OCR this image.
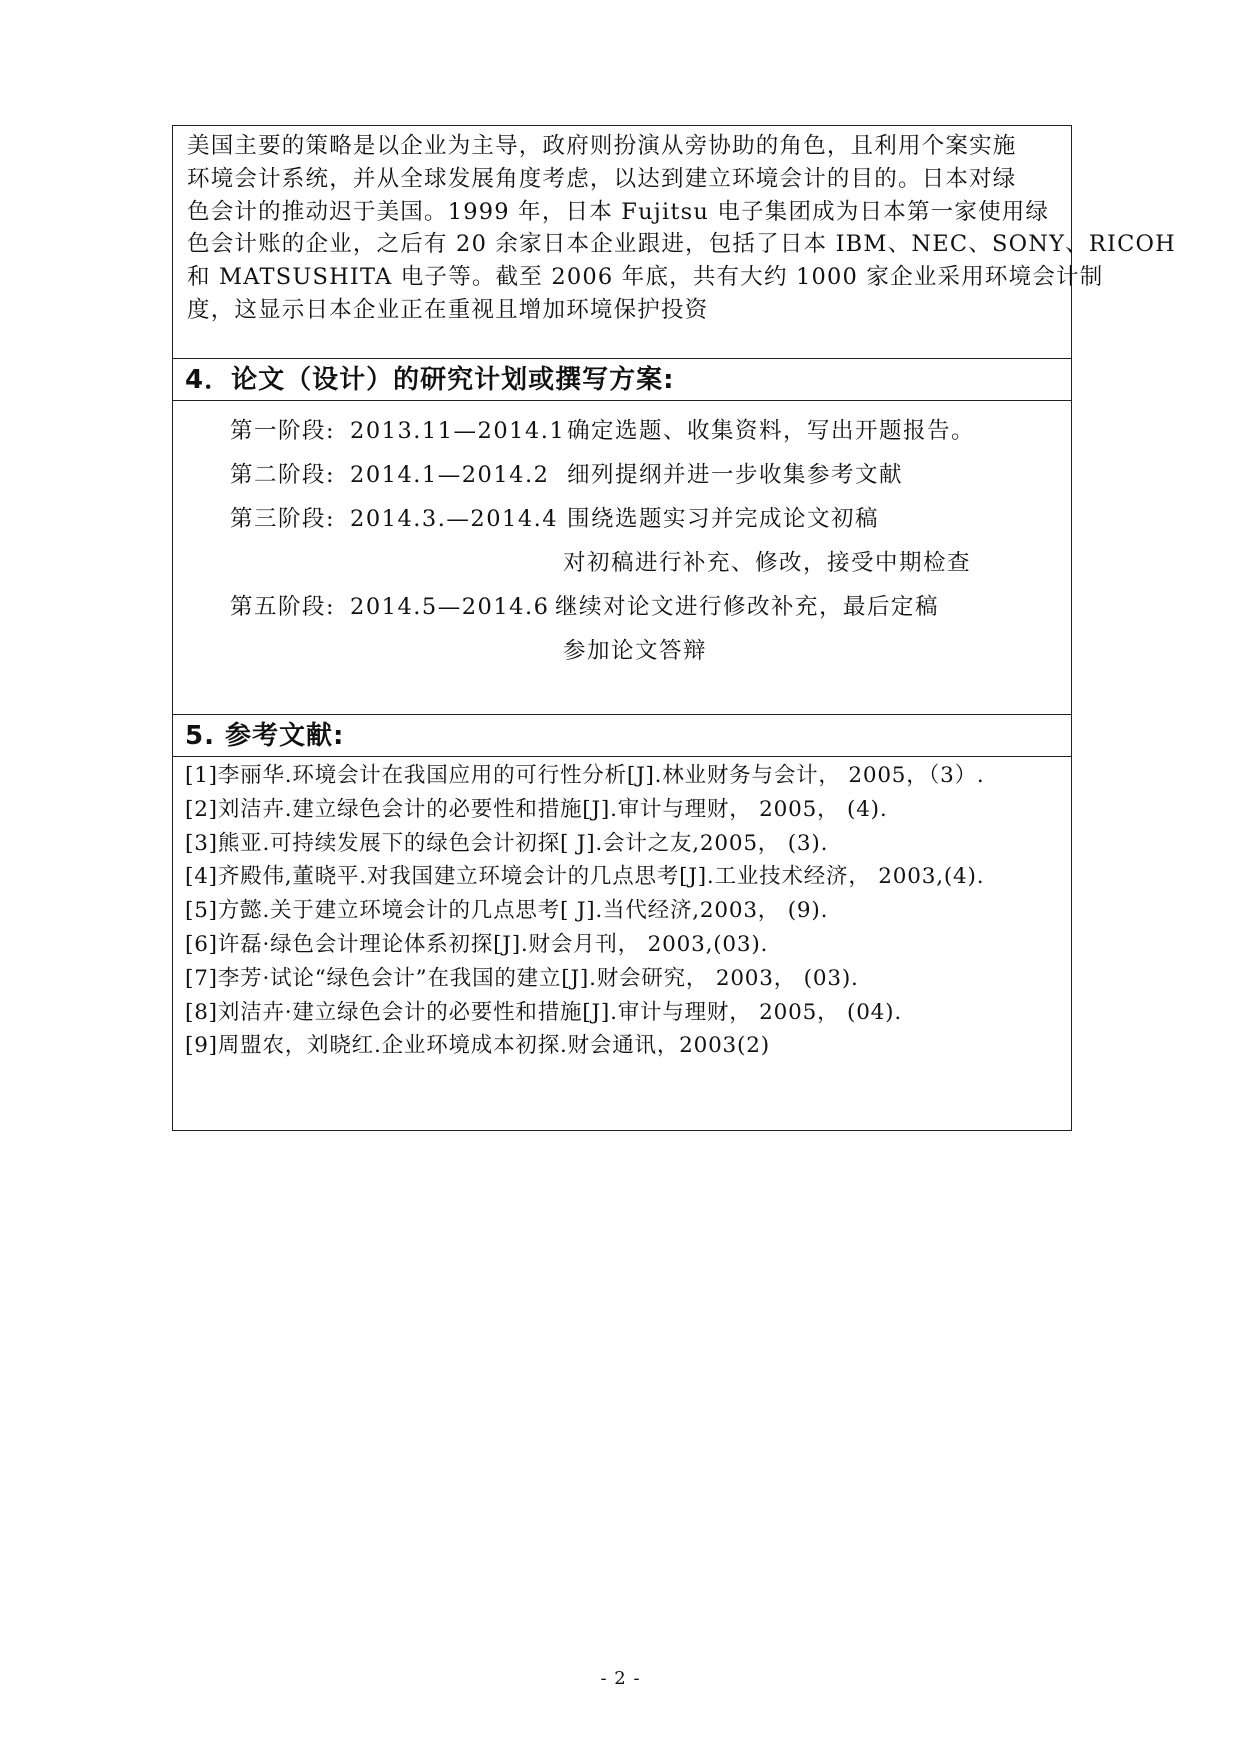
美国主要的策略是以企业为主导，政府则扮演从旁协助的角色，且利用个案实施
环境会计系统，并从全球发展角度考虑，以达到建立环境会计的目的。日本对绿
色会计的推动迟于美国。1999 年，日本 Fujitsu 电子集团成为日本第一家使用绿
色会计账的企业，之后有 20 余家日本企业跟进，包括了日本 IBM、NEC、SONY、RICOH
和 MATSUSHITA 电子等。截至 2006 年底，共有大约 1000 家企业采用环境会计制
度，这显示日本企业正在重视且增加环境保护投资

4．论文（设计）的研究计划或撰写方案:
第一阶段: 2013.11—2014.1 确定选题、收集资料，写出开题报告。
第二阶段: 2014.1—2014.2 细列提纲并进一步收集参考文献
第三阶段: 2014.3.—2014.4 围绕选题实习并完成论文初稿
对初稿进行补充、修改，接受中期检查
第五阶段: 2014.5—2014.6 继续对论文进行修改补充，最后定稿
参加论文答辩
5. 参考文献:

[1]李丽华.环境会计在我国应用的可行性分析[J].林业财务与会计， 2005，（3）.

[2]刘洁卉.建立绿色会计的必要性和措施[J].审计与理财， 2005， (4).

[3]熊亚.可持续发展下的绿色会计初探[ J].会计之友,2005， (3).

[4]齐殿伟,董晓平.对我国建立环境会计的几点思考[J].工业技术经济， 2003,(4).

[5]方懿.关于建立环境会计的几点思考[ J].当代经济,2003， (9).

[6]许磊·绿色会计理论体系初探[J].财会月刊， 2003,(03).

[7]李芳·试论“绿色会计”在我国的建立[J].财会研究， 2003， (03).

[8]刘洁卉·建立绿色会计的必要性和措施[J].审计与理财， 2005， (04).

[9]周盟农，刘晓红.企业环境成本初探.财会通讯，2003(2)

- 2 -
